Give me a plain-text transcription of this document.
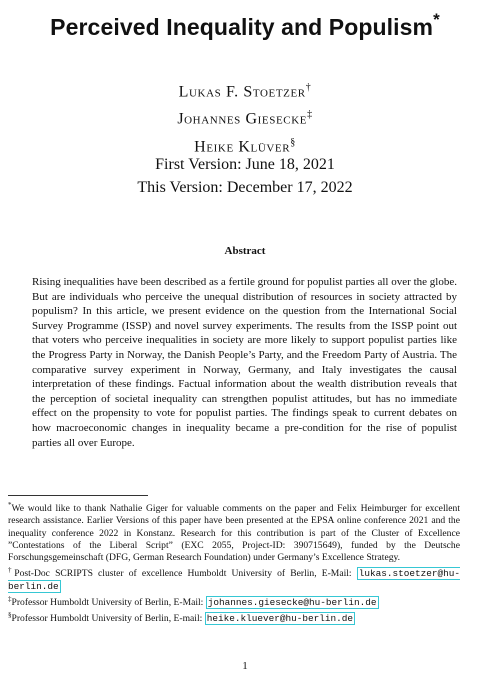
Perceived Inequality and Populism*
Lukas F. Stoetzer†
Johannes Giesecke‡
Heike Klüver§
First Version: June 18, 2021
This Version: December 17, 2022
Abstract
Rising inequalities have been described as a fertile ground for populist parties all over the globe. But are individuals who perceive the unequal distribution of resources in society attracted by populism? In this article, we present evidence on the question from the International Social Survey Programme (ISSP) and novel survey experiments. The results from the ISSP point out that voters who perceive inequalities in society are more likely to support populist parties like the Progress Party in Norway, the Danish People’s Party, and the Freedom Party of Austria. The comparative survey experiment in Norway, Germany, and Italy investigates the causal interpretation of these findings. Factual information about the wealth distribution reveals that the perception of societal inequality can strengthen populist attitudes, but has no immediate effect on the propensity to vote for populist parties. The findings speak to current debates on how macroeconomic changes in inequality became a pre-condition for the rise of populist parties all over Europe.

*We would like to thank Nathalie Giger for valuable comments on the paper and Felix Heimburger for excellent research assistance. Earlier Versions of this paper have been presented at the EPSA online conference 2021 and the inequality conference 2022 in Konstanz. Research for this contribution is part of the Cluster of Excellence ”Contestations of the Liberal Script” (EXC 2055, Project-ID: 390715649), funded by the Deutsche Forschungsgemeinschaft (DFG, German Research Foundation) under Germany’s Excellence Strategy.

†Post-Doc SCRIPTS cluster of excellence Humboldt University of Berlin, E-Mail: lukas.stoetzer@hu-berlin.de

‡Professor Humboldt University of Berlin, E-Mail: johannes.giesecke@hu-berlin.de

§Professor Humboldt University of Berlin, E-mail: heike.kluever@hu-berlin.de

1
